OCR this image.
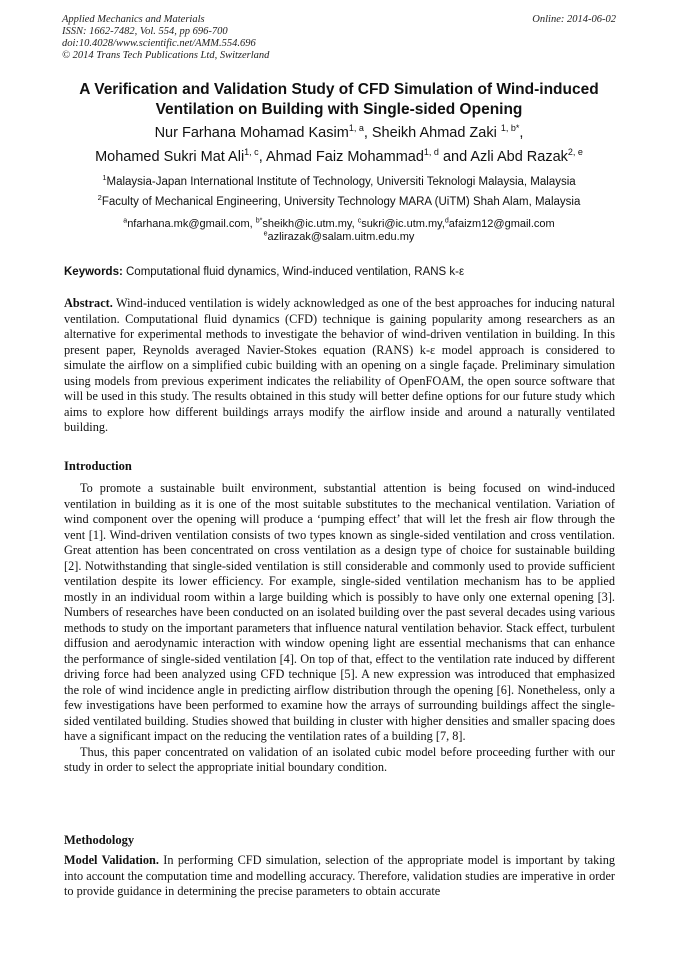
Applied Mechanics and Materials
ISSN: 1662-7482, Vol. 554, pp 696-700
doi:10.4028/www.scientific.net/AMM.554.696
© 2014 Trans Tech Publications Ltd, Switzerland
Online: 2014-06-02
A Verification and Validation Study of CFD Simulation of Wind-induced
Ventilation on Building with Single-sided Opening
Nur Farhana Mohamad Kasim$^{1, a}$, Sheikh Ahmad Zaki $^{1, b*}$,
Mohamed Sukri Mat Ali$^{1, c}$, Ahmad Faiz Mohammad$^{1, d}$ and Azli Abd Razak$^{2, e}$
$^1$Malaysia-Japan International Institute of Technology, Universiti Teknologi Malaysia, Malaysia
$^2$Faculty of Mechanical Engineering, University Technology MARA (UiTM) Shah Alam, Malaysia
$^a$nfarhana.mk@gmail.com, $^{b*}$sheikh@ic.utm.my, $^c$sukri@ic.utm.my,$^d$afaizm12@gmail.com
$^e$azlirazak@salam.uitm.edu.my
Keywords: Computational fluid dynamics, Wind-induced ventilation, RANS k-ε

Abstract. Wind-induced ventilation is widely acknowledged as one of the best approaches for inducing natural ventilation. Computational fluid dynamics (CFD) technique is gaining popularity among researchers as an alternative for experimental methods to investigate the behavior of wind-driven ventilation in building. In this present paper, Reynolds averaged Navier-Stokes equation (RANS) k-ε model approach is considered to simulate the airflow on a simplified cubic building with an opening on a single façade. Preliminary simulation using models from previous experiment indicates the reliability of OpenFOAM, the open source software that will be used in this study. The results obtained in this study will better define options for our future study which aims to explore how different buildings arrays modify the airflow inside and around a naturally ventilated building.

Introduction

To promote a sustainable built environment, substantial attention is being focused on wind-induced ventilation in building as it is one of the most suitable substitutes to the mechanical ventilation. Variation of wind component over the opening will produce a ‘pumping effect’ that will let the fresh air flow through the vent [1]. Wind-driven ventilation consists of two types known as single-sided ventilation and cross ventilation. Great attention has been concentrated on cross ventilation as a design type of choice for sustainable building [2]. Notwithstanding that single-sided ventilation is still considerable and commonly used to provide sufficient ventilation despite its lower efficiency. For example, single-sided ventilation mechanism has to be applied mostly in an individual room within a large building which is possibly to have only one external opening [3]. Numbers of researches have been conducted on an isolated building over the past several decades using various methods to study on the important parameters that influence natural ventilation behavior. Stack effect, turbulent diffusion and aerodynamic interaction with window opening light are essential mechanisms that can enhance the performance of single-sided ventilation [4]. On top of that, effect to the ventilation rate induced by different driving force had been analyzed using CFD technique [5]. A new expression was introduced that emphasized the role of wind incidence angle in predicting airflow distribution through the opening [6]. Nonetheless, only a few investigations have been performed to examine how the arrays of surrounding buildings affect the single-sided ventilated building. Studies showed that building in cluster with higher densities and smaller spacing does have a significant impact on the reducing the ventilation rates of a building [7, 8].

Thus, this paper concentrated on validation of an isolated cubic model before proceeding further with our study in order to select the appropriate initial boundary condition.

Methodology

Model Validation. In performing CFD simulation, selection of the appropriate model is important by taking into account the computation time and modelling accuracy. Therefore, validation studies are imperative in order to provide guidance in determining the precise parameters to obtain accurate
